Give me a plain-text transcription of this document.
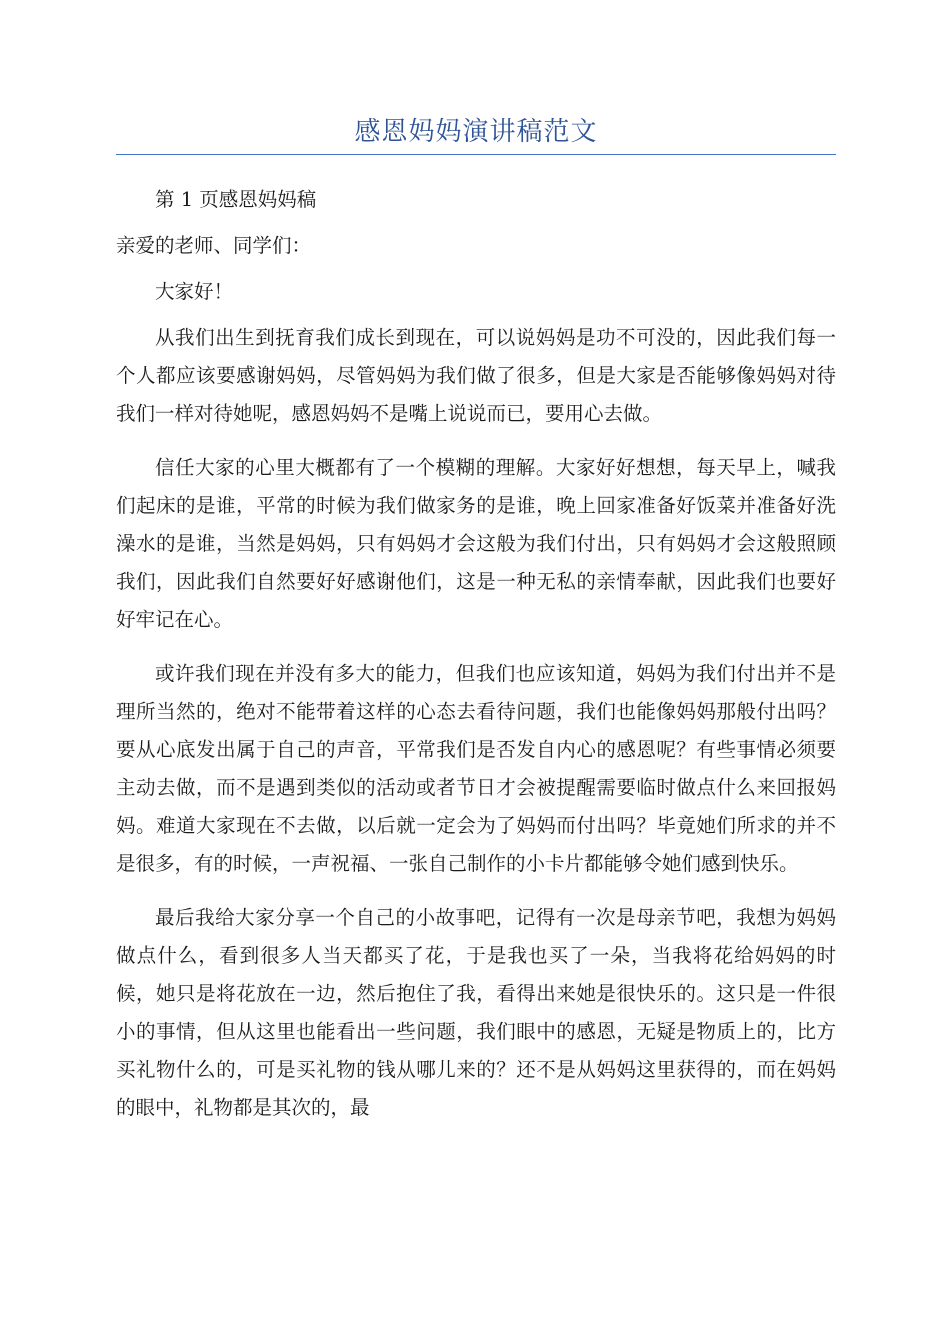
感恩妈妈演讲稿范文

第 1 页感恩妈妈稿

亲爱的老师、同学们：

大家好！

从我们出生到抚育我们成长到现在，可以说妈妈是功不可没的，因此我们每一个人都应该要感谢妈妈，尽管妈妈为我们做了很多，但是大家是否能够像妈妈对待我们一样对待她呢，感恩妈妈不是嘴上说说而已，要用心去做。

信任大家的心里大概都有了一个模糊的理解。大家好好想想，每天早上，喊我们起床的是谁，平常的时候为我们做家务的是谁，晚上回家准备好饭菜并准备好洗澡水的是谁，当然是妈妈，只有妈妈才会这般为我们付出，只有妈妈才会这般照顾我们，因此我们自然要好好感谢他们，这是一种无私的亲情奉献，因此我们也要好好牢记在心。

或许我们现在并没有多大的能力，但我们也应该知道，妈妈为我们付出并不是理所当然的，绝对不能带着这样的心态去看待问题，我们也能像妈妈那般付出吗？要从心底发出属于自己的声音，平常我们是否发自内心的感恩呢？有些事情必须要主动去做，而不是遇到类似的活动或者节日才会被提醒需要临时做点什么来回报妈妈。难道大家现在不去做，以后就一定会为了妈妈而付出吗？毕竟她们所求的并不是很多，有的时候，一声祝福、一张自己制作的小卡片都能够令她们感到快乐。

最后我给大家分享一个自己的小故事吧，记得有一次是母亲节吧，我想为妈妈做点什么，看到很多人当天都买了花，于是我也买了一朵，当我将花给妈妈的时候，她只是将花放在一边，然后抱住了我，看得出来她是很快乐的。这只是一件很小的事情，但从这里也能看出一些问题，我们眼中的感恩，无疑是物质上的，比方买礼物什么的，可是买礼物的钱从哪儿来的？还不是从妈妈这里获得的，而在妈妈的眼中，礼物都是其次的，最
